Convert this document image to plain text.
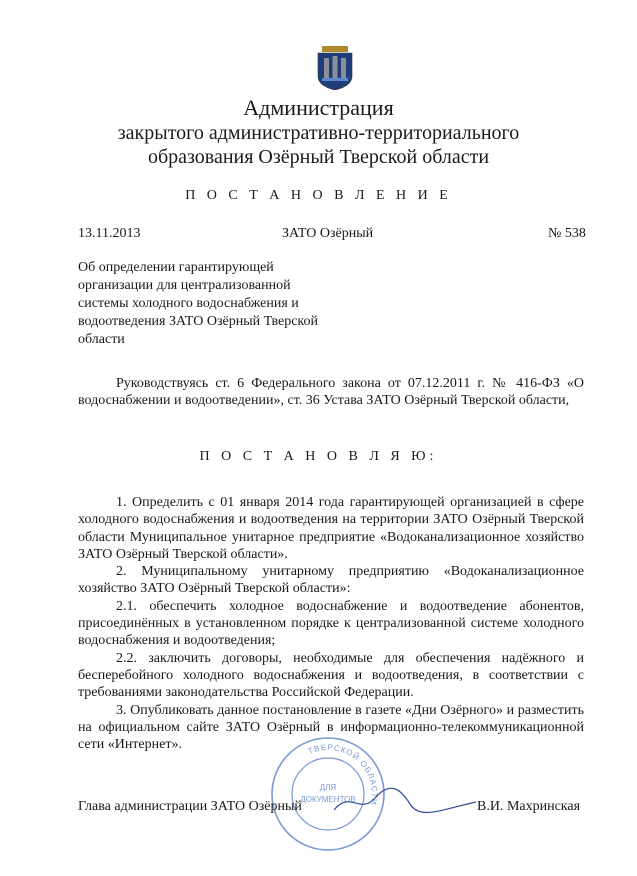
Администрация
закрытого административно-территориального
образования Озёрный Тверской области
П О С Т А Н О В Л Е Н И Е
13.11.2013	ЗАТО Озёрный	№ 538
Об определении гарантирующей
организации для централизованной
системы холодного водоснабжения и
водоотведения ЗАТО Озёрный Тверской
области
Руководствуясь ст. 6 Федерального закона от 07.12.2011 г. № 416-ФЗ «О водоснабжении и водоотведении», ст. 36 Устава ЗАТО Озёрный Тверской области,
П О С Т А Н О В Л Я Ю:

1. Определить с 01 января 2014 года гарантирующей организацией в сфере холодного водоснабжения и водоотведения на территории ЗАТО Озёрный Тверской области Муниципальное унитарное предприятие «Водоканализационное хозяйство ЗАТО Озёрный Тверской области».

2. Муниципальному унитарному предприятию «Водоканализационное хозяйство ЗАТО Озёрный Тверской области»:

2.1. обеспечить холодное водоснабжение и водоотведение абонентов, присоединённых в установленном порядке к централизованной системе холодного водоснабжения и водоотведения;

2.2. заключить договоры, необходимые для обеспечения надёжного и бесперебойного холодного водоснабжения и водоотведения, в соответствии с требованиями законодательства Российской Федерации.

3. Опубликовать данное постановление в газете «Дни Озёрного» и разместить на официальном сайте ЗАТО Озёрный в информационно-телекоммуникационной сети «Интернет».	ТВЕРСКОЙ ОБЛАСТИ
ДЛЯ
ДОКУМЕНТОВ
Глава администрации ЗАТО Озёрный	В.И. Махринская
